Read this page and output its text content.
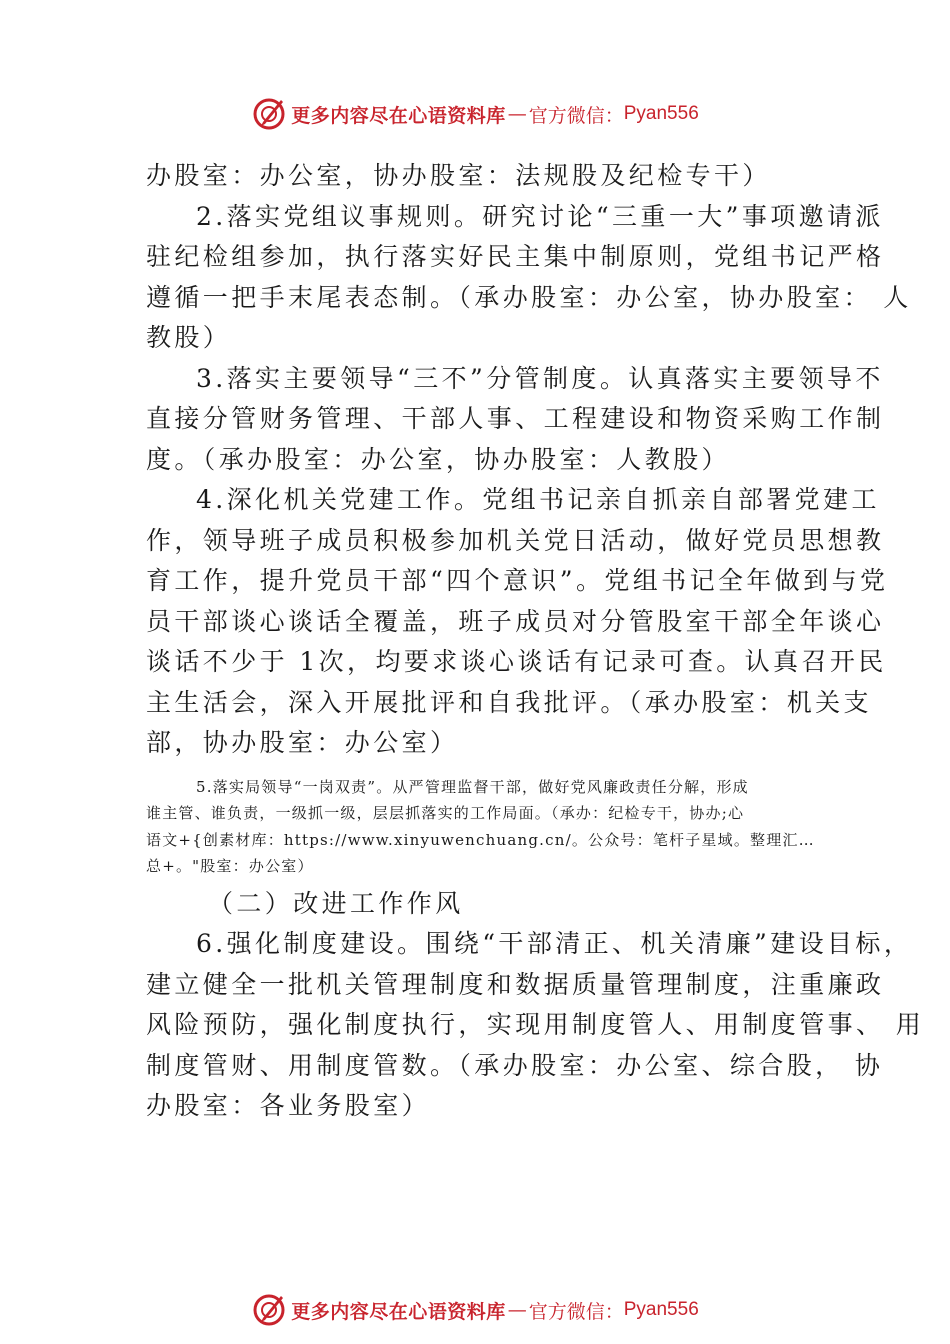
更多内容尽在心语资料库 — 官方微信： Pyan556
办股室：办公室，协办股室：法规股及纪检专干）
2.落实党组议事规则。研究讨论“三重一大”事项邀请派
驻纪检组参加，执行落实好民主集中制原则，党组书记严格
遵循一把手末尾表态制。（承办股室：办公室，协办股室： 人
教股）
3.落实主要领导“三不”分管制度。认真落实主要领导不
直接分管财务管理、干部人事、工程建设和物资采购工作制
度。（承办股室：办公室，协办股室：人教股）
4.深化机关党建工作。党组书记亲自抓亲自部署党建工
作，领导班子成员积极参加机关党日活动，做好党员思想教
育工作，提升党员干部“四个意识”。党组书记全年做到与党
员干部谈心谈话全覆盖，班子成员对分管股室干部全年谈心
谈话不少于 1次，均要求谈心谈话有记录可查。认真召开民
主生活会，深入开展批评和自我批评。（承办股室：机关支
部，协办股室：办公室）
5.落实局领导“一岗双责”。从严管理监督干部，做好党风廉政责任分解，形成
谁主管、谁负责，一级抓一级，层层抓落实的工作局面。（承办：纪检专干，协办;心
语文+{创素材库：https://www.xinyuwenchuang.cn/。公众号：笔杆子星域。整理汇…
总+。"股室：办公室）
（二）改进工作作风
6.强化制度建设。围绕“干部清正、机关清廉”建设目标，
建立健全一批机关管理制度和数据质量管理制度，注重廉政
风险预防，强化制度执行，实现用制度管人、用制度管事、 用
制度管财、用制度管数。（承办股室：办公室、综合股， 协
办股室：各业务股室）
更多内容尽在心语资料库 — 官方微信： Pyan556
